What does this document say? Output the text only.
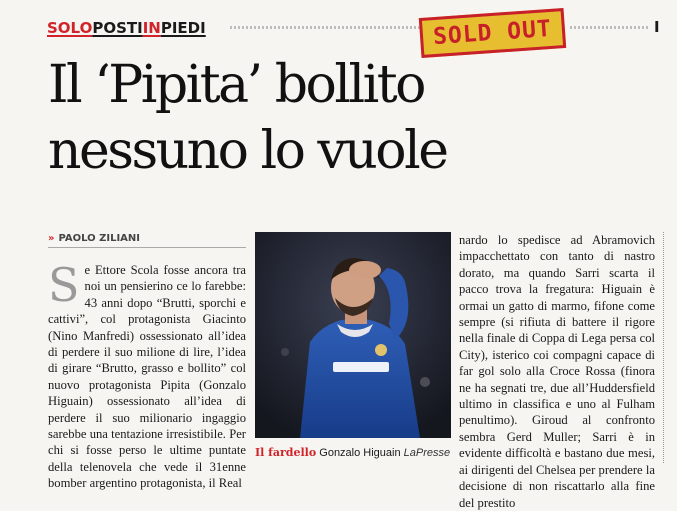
SOLOPOSTIINPIEDI	I
SOLD OUT
Il ‘Pipita’ bollito
nessuno lo vuole
» PAOLO ZILIANI
Se Ettore Scola fosse ancora tra noi un pensierino ce lo farebbe: 43 anni dopo “Brutti, sporchi e cattivi”, col protagonista Giacinto (Nino Manfredi) ossessionato all’idea di perdere il suo milione di lire, l’idea di girare “Brutto, grasso e bollito” col nuovo protagonista Pipita (Gonzalo Higuain) ossessionato all’idea di perdere il suo milionario ingaggio sarebbe una tentazione irresistibile. Per chi si fosse perso le ultime puntate della telenovela che vede il 31enne bomber argentino protagonista, il Real
Il fardello Gonzalo Higuain LaPresse
nardo lo spedisce ad Abramovich impacchettato con tanto di nastro dorato, ma quando Sarri scarta il pacco trova la fregatura: Higuain è ormai un gatto di marmo, fifone come sempre (si rifiuta di battere il rigore nella finale di Coppa di Lega persa col City), isterico coi compagni capace di far gol solo alla Croce Rossa (finora ne ha segnati tre, due all’Huddersfield ultimo in classifica e uno al Fulham penultimo). Giroud al confronto sembra Gerd Muller; Sarri è in evidente difficoltà e bastano due mesi, ai dirigenti del Chelsea per prendere la decisione di non riscattarlo alla fine del prestito
